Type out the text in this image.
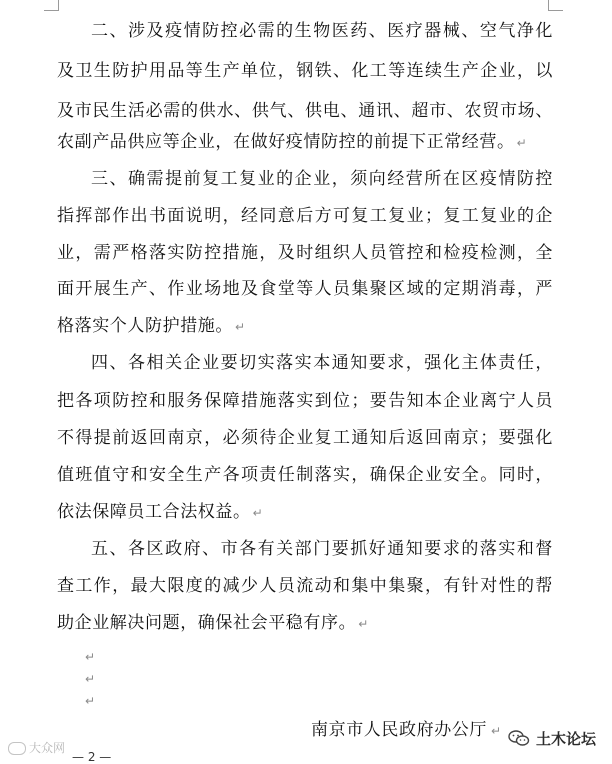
二、涉及疫情防控必需的生物医药、医疗器械、空气净化
及卫生防护用品等生产单位，钢铁、化工等连续生产企业，以
及市民生活必需的供水、供气、供电、通讯、超市、农贸市场、
农副产品供应等企业，在做好疫情防控的前提下正常经营。 ↵
三、确需提前复工复业的企业，须向经营所在区疫情防控
指挥部作出书面说明，经同意后方可复工复业；复工复业的企
业，需严格落实防控措施，及时组织人员管控和检疫检测，全
面开展生产、作业场地及食堂等人员集聚区域的定期消毒，严
格落实个人防护措施。 ↵
四、各相关企业要切实落实本通知要求，强化主体责任，
把各项防控和服务保障措施落实到位；要告知本企业离宁人员
不得提前返回南京，必须待企业复工通知后返回南京；要强化
值班值守和安全生产各项责任制落实，确保企业安全。同时，
依法保障员工合法权益。 ↵
五、各区政府、市各有关部门要抓好通知要求的落实和督
查工作，最大限度的减少人员流动和集中集聚，有针对性的帮
助企业解决问题，确保社会平稳有序。 ↵
↵
↵
↵
南京市人民政府办公厅 ↵
大众网
土木论坛
— 2 —
